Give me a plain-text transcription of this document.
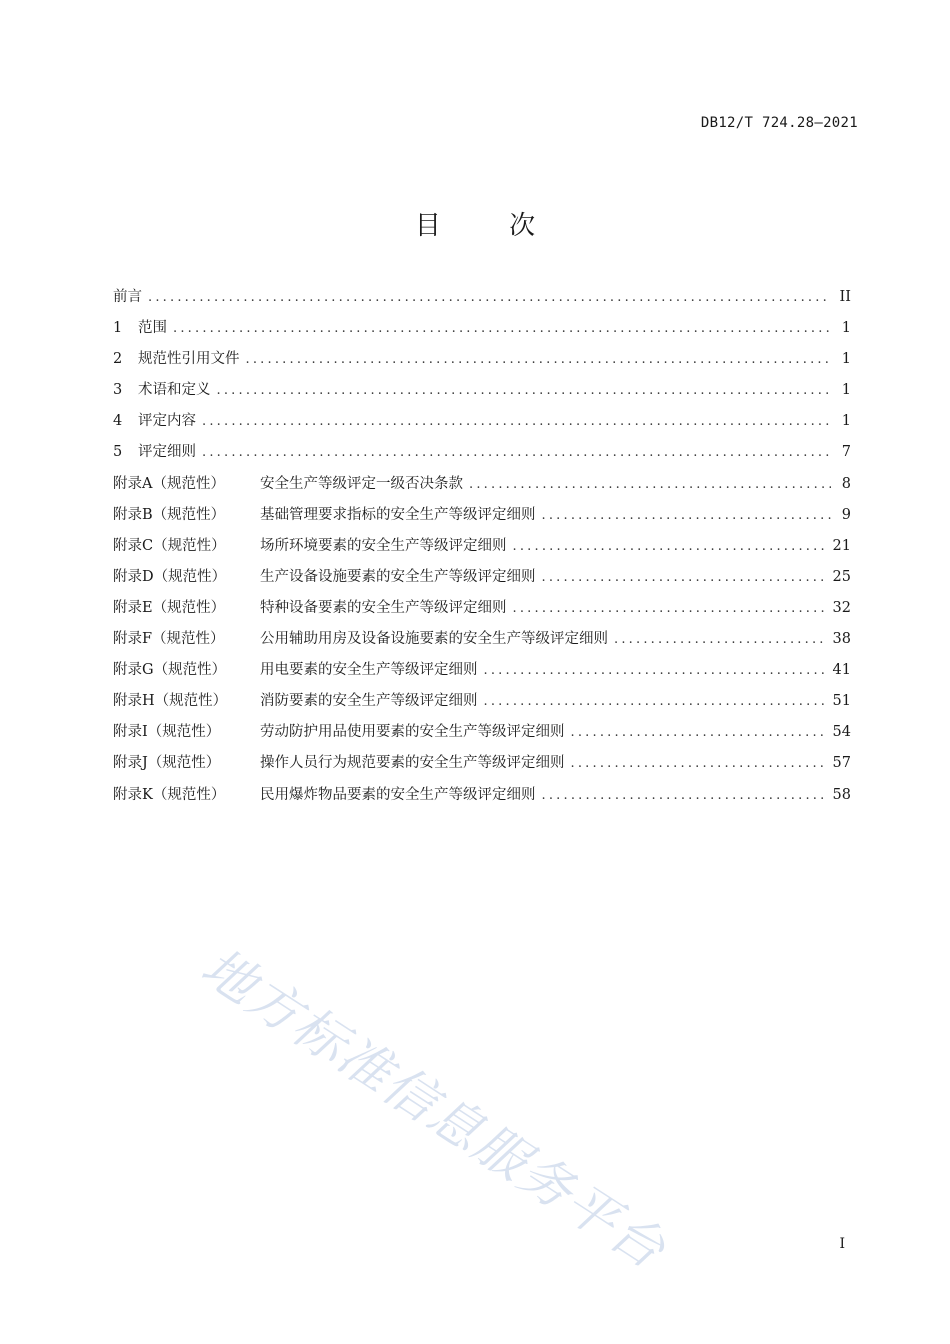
DB12/T 724.28—2021
目 次
前言 .....	II
1	范围 .....	1
2	规范性引用文件 .....	1
3	术语和定义 .....	1
4	评定内容 .....	1
5	评定细则 .....	7
附录A（规范性）	安全生产等级评定一级否决条款 .....	8
附录B（规范性）	基础管理要求指标的安全生产等级评定细则 .....	9
附录C（规范性）	场所环境要素的安全生产等级评定细则 .....	21
附录D（规范性）	生产设备设施要素的安全生产等级评定细则 .....	25
附录E（规范性）	特种设备要素的安全生产等级评定细则 .....	32
附录F（规范性）	公用辅助用房及设备设施要素的安全生产等级评定细则 .....	38
附录G（规范性）	用电要素的安全生产等级评定细则 .....	41
附录H（规范性）	消防要素的安全生产等级评定细则 .....	51
附录I（规范性）	劳动防护用品使用要素的安全生产等级评定细则 .....	54
附录J（规范性）	操作人员行为规范要素的安全生产等级评定细则 .....	57
附录K（规范性）	民用爆炸物品要素的安全生产等级评定细则 .....	58
地方标准信息服务平台	I
